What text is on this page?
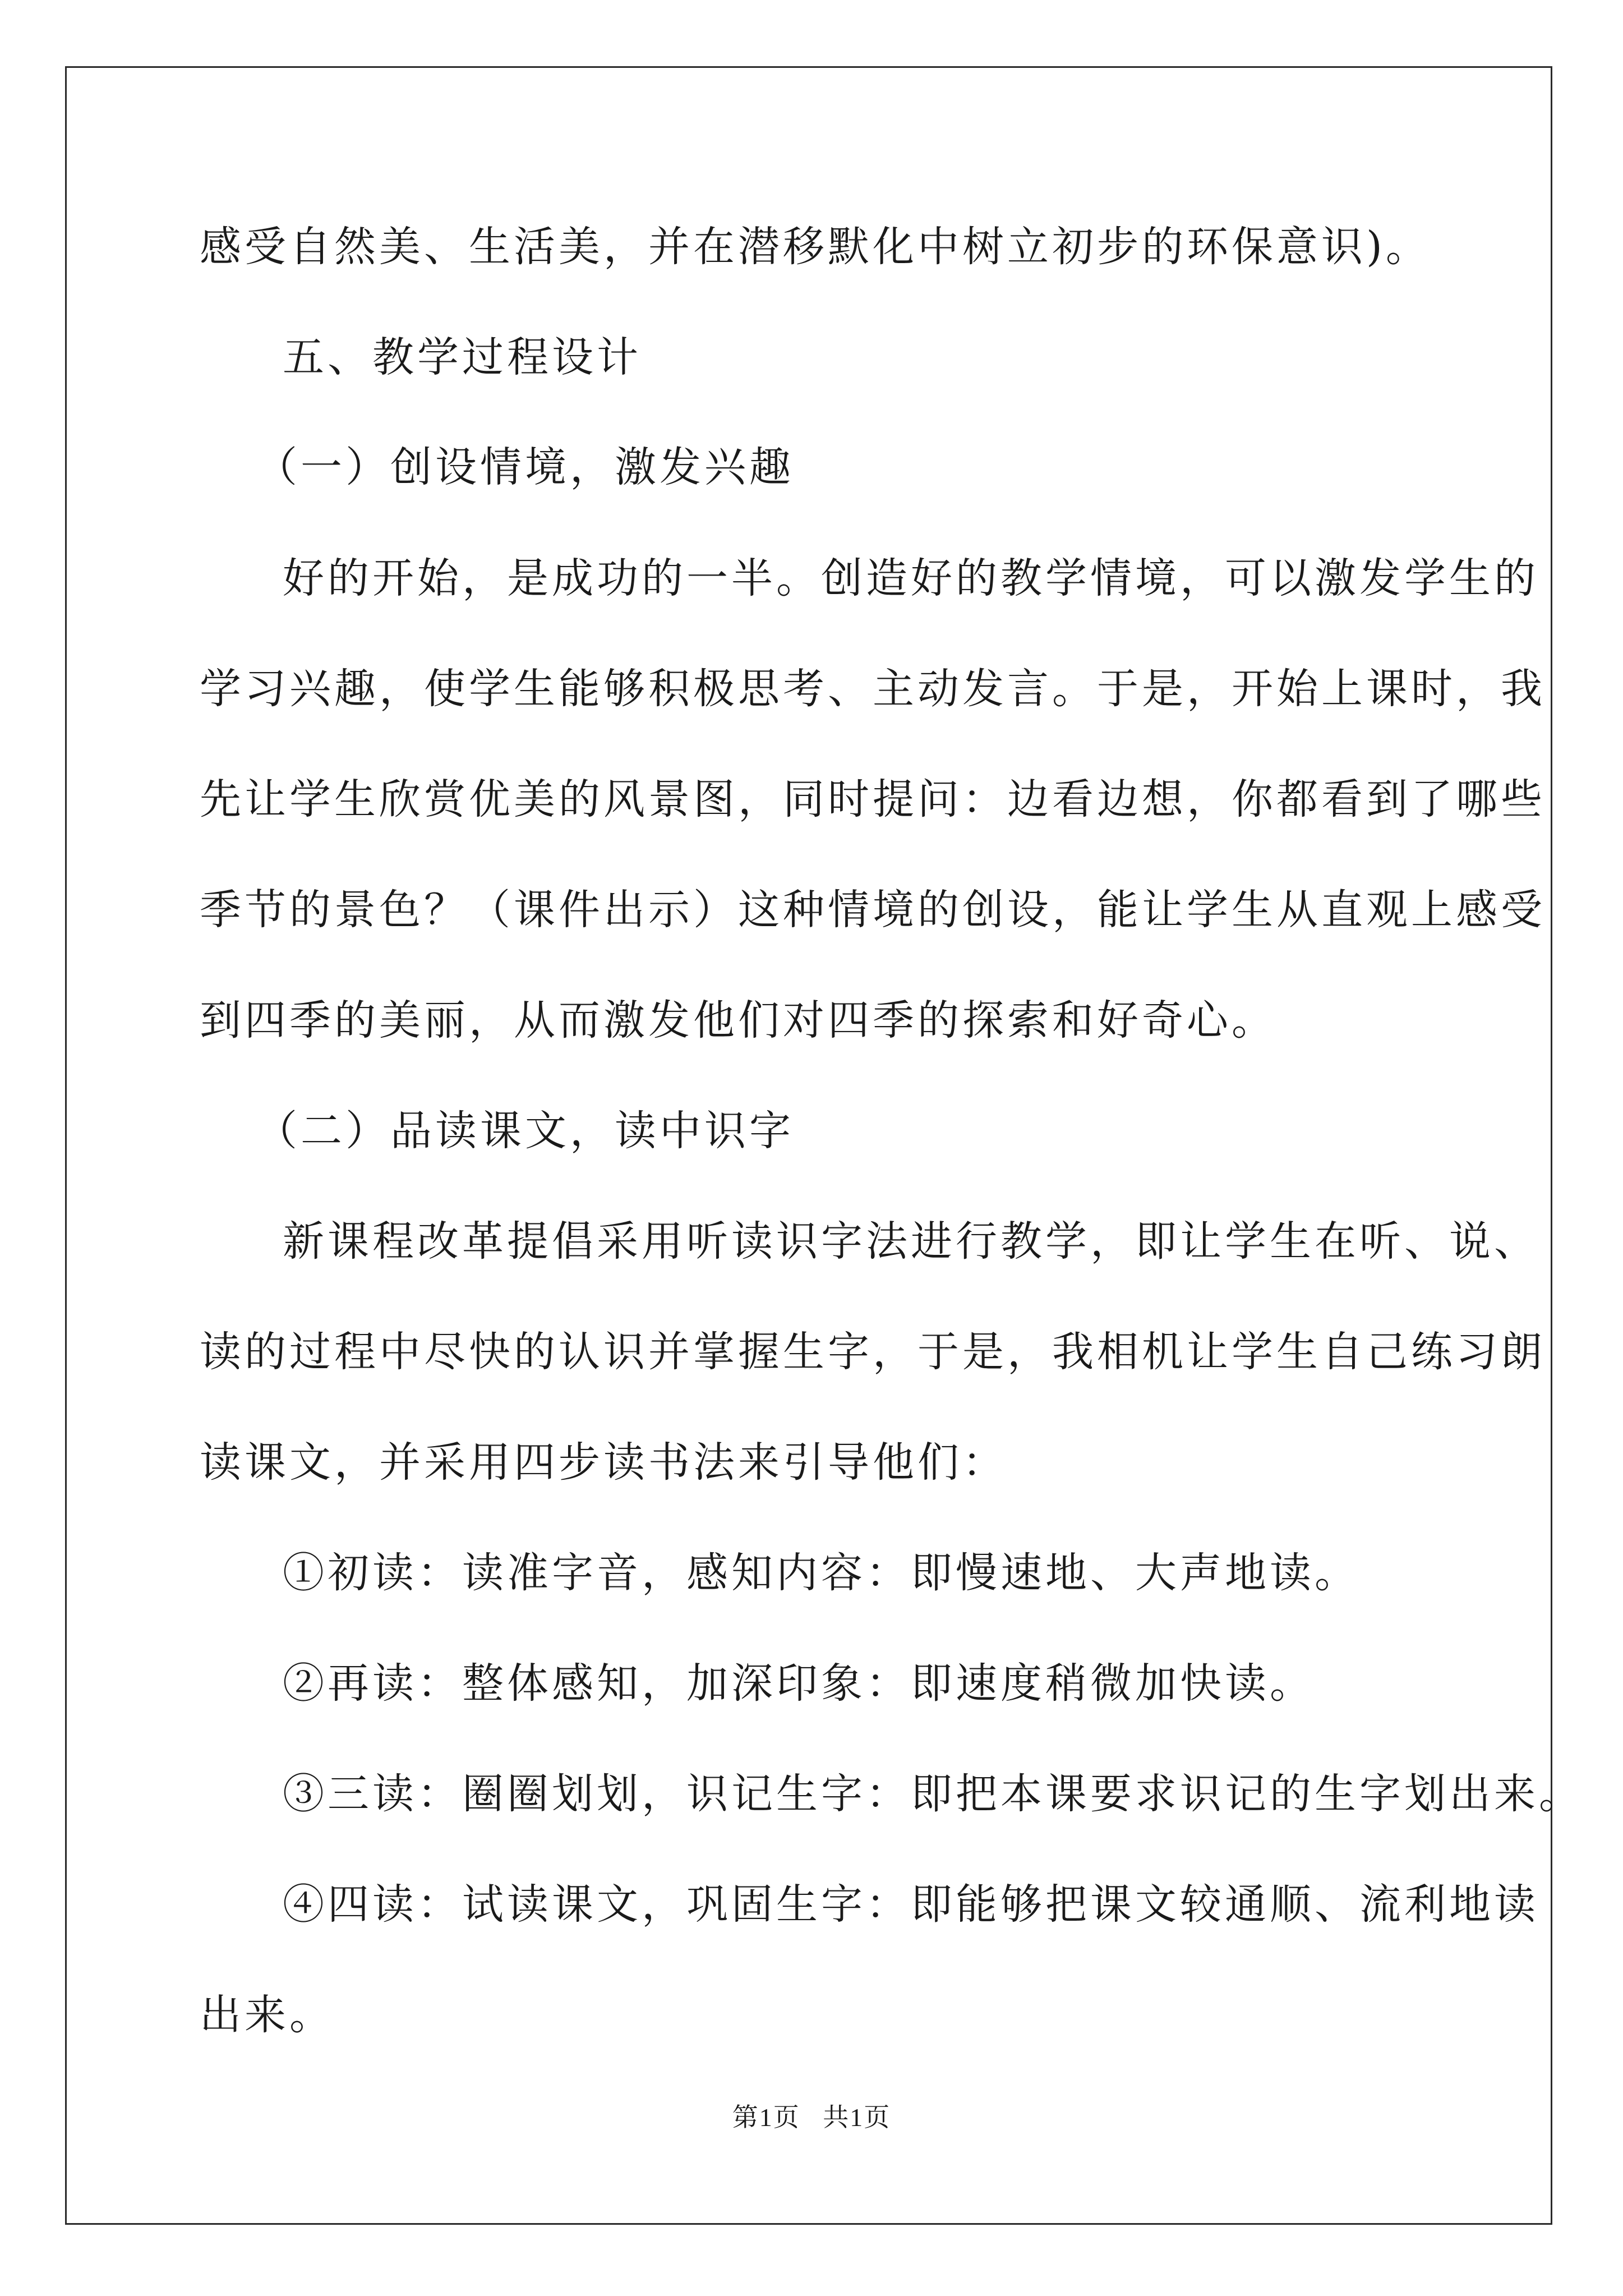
感受自然美、生活美，并在潜移默化中树立初步的环保意识)。
五、教学过程设计
（一）创设情境，激发兴趣
好的开始，是成功的一半。创造好的教学情境，可以激发学生的
学习兴趣，使学生能够积极思考、主动发言。于是，开始上课时，我
先让学生欣赏优美的风景图，同时提问：边看边想，你都看到了哪些
季节的景色？（课件出示）这种情境的创设，能让学生从直观上感受
到四季的美丽，从而激发他们对四季的探索和好奇心。
（二）品读课文，读中识字
新课程改革提倡采用听读识字法进行教学，即让学生在听、说、
读的过程中尽快的认识并掌握生字，于是，我相机让学生自己练习朗
读课文，并采用四步读书法来引导他们：
①初读：读准字音，感知内容：即慢速地、大声地读。
②再读：整体感知，加深印象：即速度稍微加快读。
③三读：圈圈划划，识记生字：即把本课要求识记的生字划出来。
④四读：试读课文，巩固生字：即能够把课文较通顺、流利地读
出来。
第1页 共1页
